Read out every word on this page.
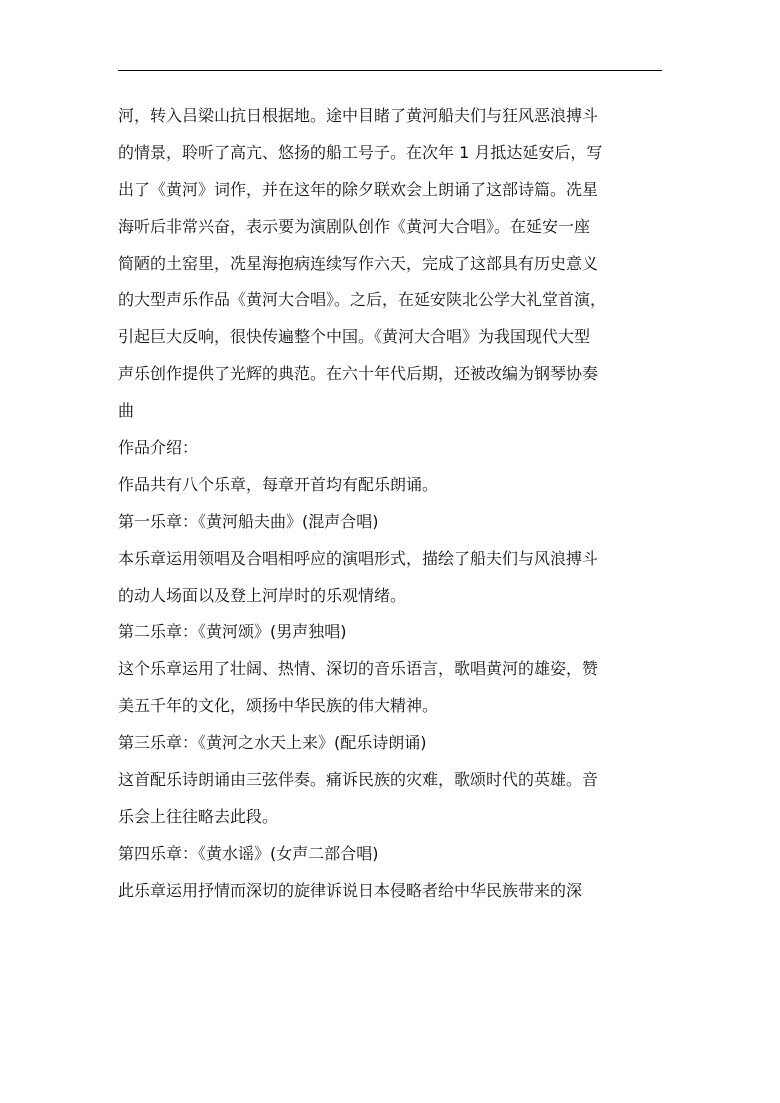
河，转入吕梁山抗日根据地。途中目睹了黄河船夫们与狂风恶浪搏斗
的情景，聆听了高亢、悠扬的船工号子。在次年 1 月抵达延安后，写
出了《黄河》词作，并在这年的除夕联欢会上朗诵了这部诗篇。冼星
海听后非常兴奋，表示要为演剧队创作《黄河大合唱》。在延安一座
简陋的土窑里，冼星海抱病连续写作六天，完成了这部具有历史意义
的大型声乐作品《黄河大合唱》。之后，在延安陕北公学大礼堂首演，
引起巨大反响，很快传遍整个中国。《黄河大合唱》为我国现代大型
声乐创作提供了光辉的典范。在六十年代后期，还被改编为钢琴协奏
曲
作品介绍：
作品共有八个乐章，每章开首均有配乐朗诵。
第一乐章：《黄河船夫曲》(混声合唱)
本乐章运用领唱及合唱相呼应的演唱形式，描绘了船夫们与风浪搏斗
的动人场面以及登上河岸时的乐观情绪。
第二乐章：《黄河颂》(男声独唱)
这个乐章运用了壮阔、热情、深切的音乐语言，歌唱黄河的雄姿，赞
美五千年的文化，颂扬中华民族的伟大精神。
第三乐章：《黄河之水天上来》(配乐诗朗诵)
这首配乐诗朗诵由三弦伴奏。痛诉民族的灾难，歌颂时代的英雄。音
乐会上往往略去此段。
第四乐章：《黄水谣》(女声二部合唱)
此乐章运用抒情而深切的旋律诉说日本侵略者给中华民族带来的深
